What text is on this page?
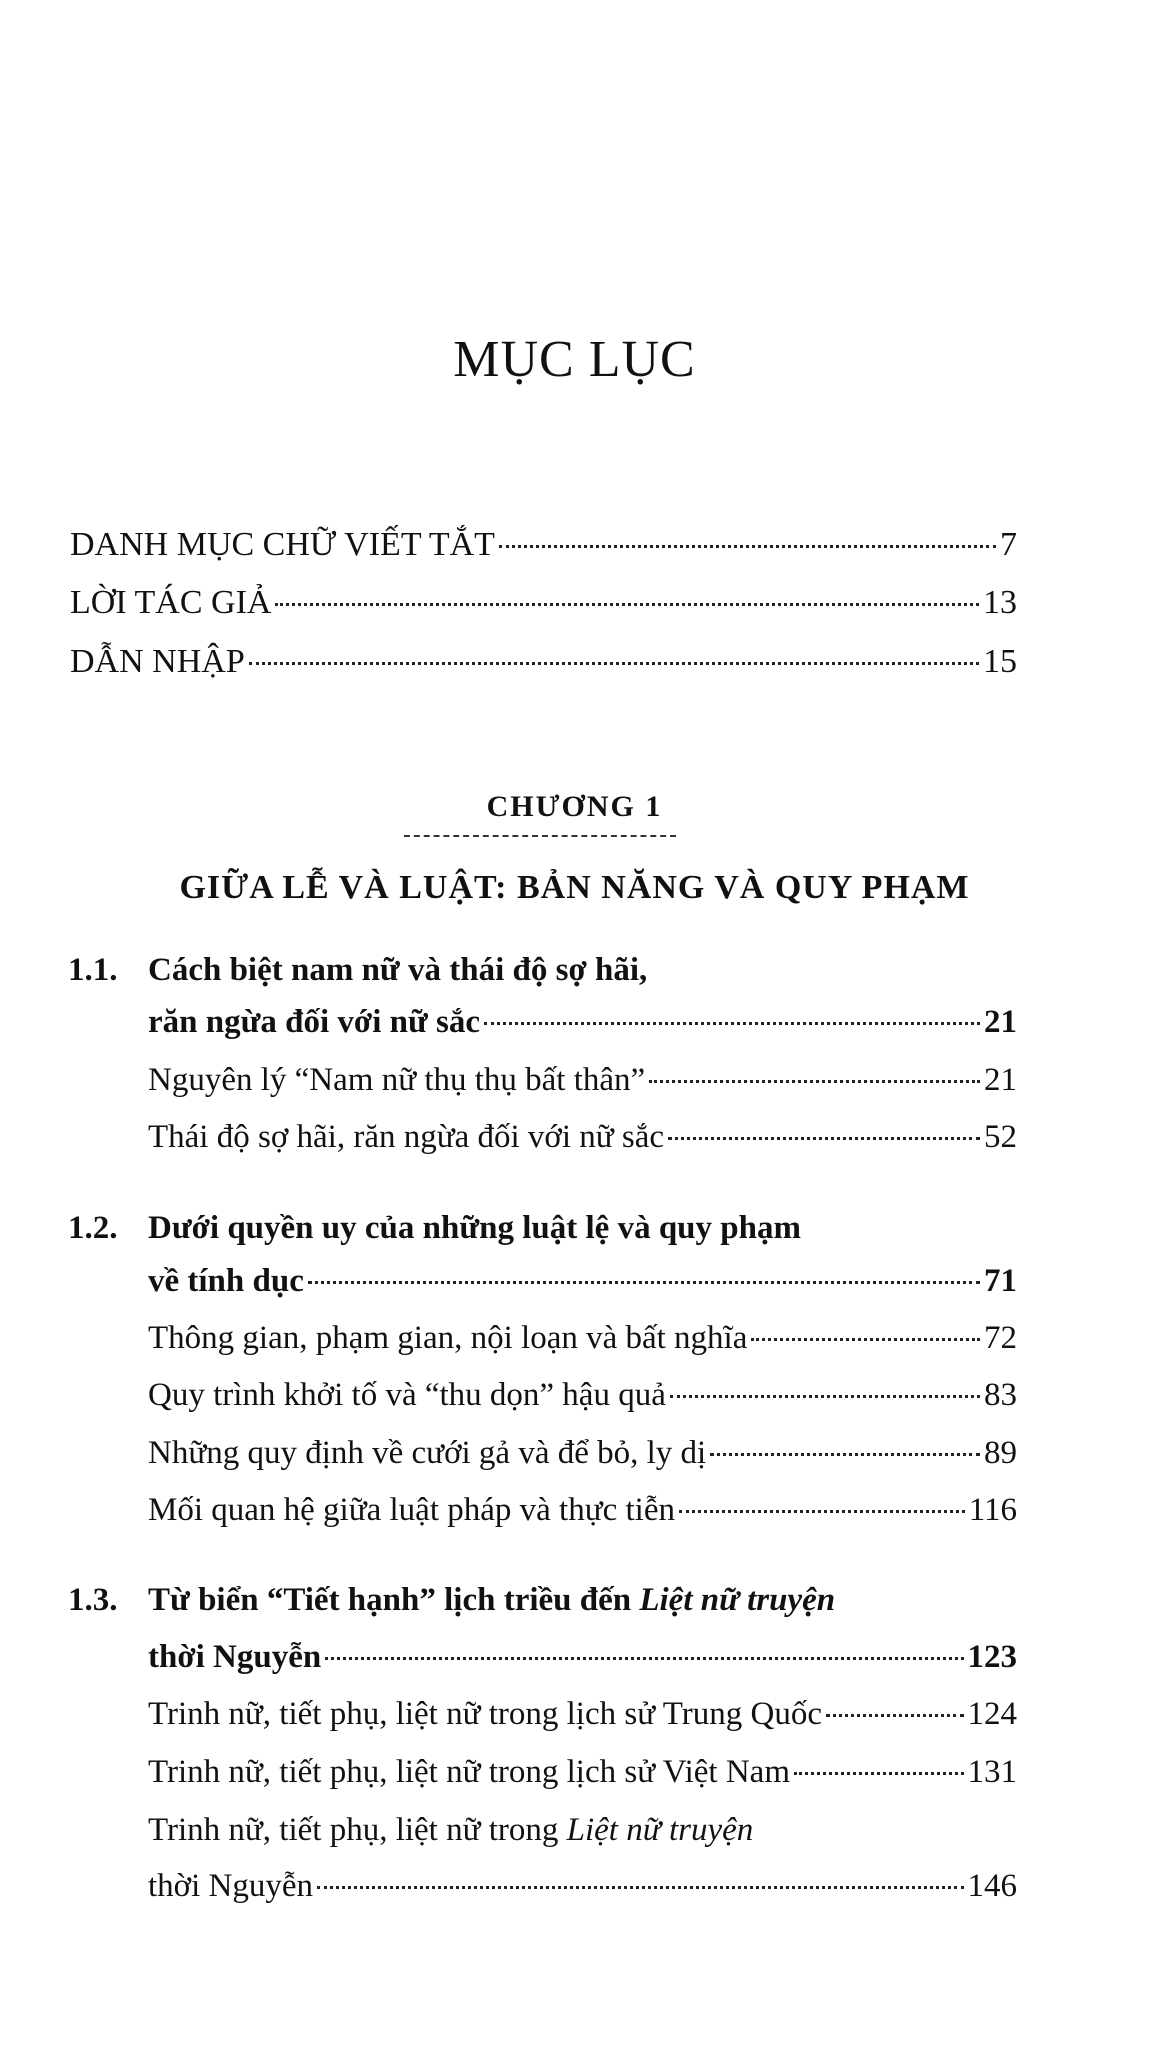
MỤC LỤC
DANH MỤC CHỮ VIẾT TẮT	7
LỜI TÁC GIẢ	13
DẪN NHẬP	15
CHƯƠNG 1
GIỮA LỄ VÀ LUẬT: BẢN NĂNG VÀ QUY PHẠM
1.1. Cách biệt nam nữ và thái độ sợ hãi,
răn ngừa đối với nữ sắc	21
Nguyên lý “Nam nữ thụ thụ bất thân”	21
Thái độ sợ hãi, răn ngừa đối với nữ sắc	52
1.2. Dưới quyền uy của những luật lệ và quy phạm
về tính dục	71
Thông gian, phạm gian, nội loạn và bất nghĩa	72
Quy trình khởi tố và “thu dọn” hậu quả	83
Những quy định về cưới gả và để bỏ, ly dị	89
Mối quan hệ giữa luật pháp và thực tiễn	116
1.3. Từ biển “Tiết hạnh” lịch triều đến Liệt nữ truyện
thời Nguyễn	123
Trinh nữ, tiết phụ, liệt nữ trong lịch sử Trung Quốc	124
Trinh nữ, tiết phụ, liệt nữ trong lịch sử Việt Nam	131
Trinh nữ, tiết phụ, liệt nữ trong Liệt nữ truyện
thời Nguyễn	146
